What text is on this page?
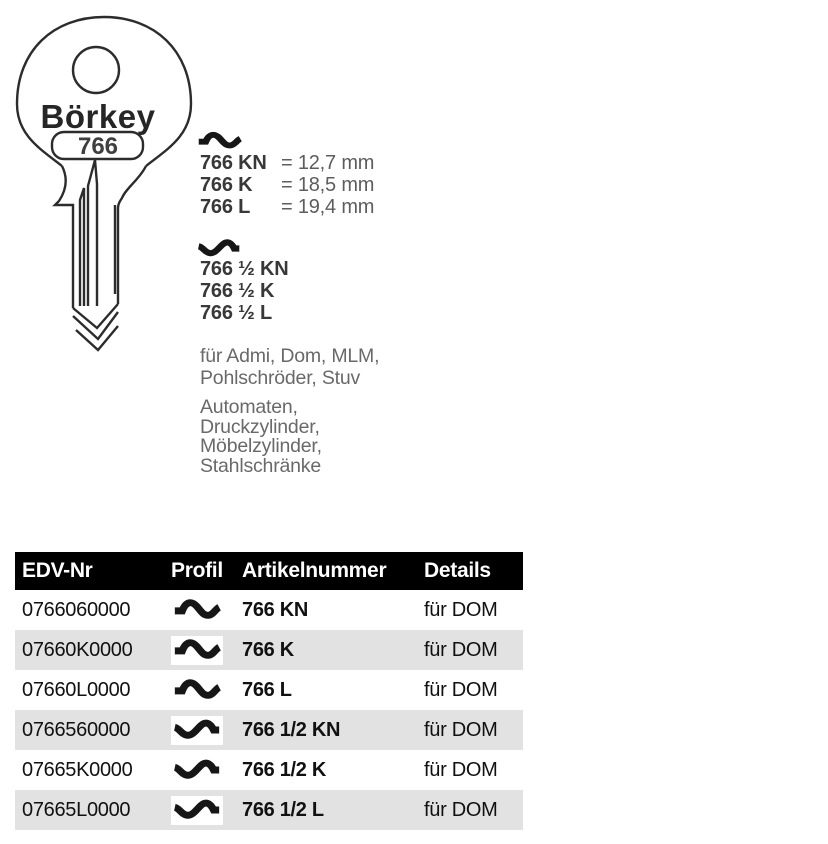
Börkey
766
766 KN = 12,7 mm
766 K	= 18,5 mm
766 L	= 19,4 mm
766 ½ KN
766 ½ K
766 ½ L
für Admi, Dom, MLM,
Pohlschröder, Stuv
Automaten,
Druckzylinder,
Möbelzylinder,
Stahlschränke
EDV-Nr	Profil Artikelnummer	Details
0766060000	766 KN	für DOM
07660K0000	766 K	für DOM
07660L0000	766 L	für DOM
0766560000	766 1/2 KN	für DOM
07665K0000	766 1/2 K	für DOM
07665L0000	766 1/2 L	für DOM
